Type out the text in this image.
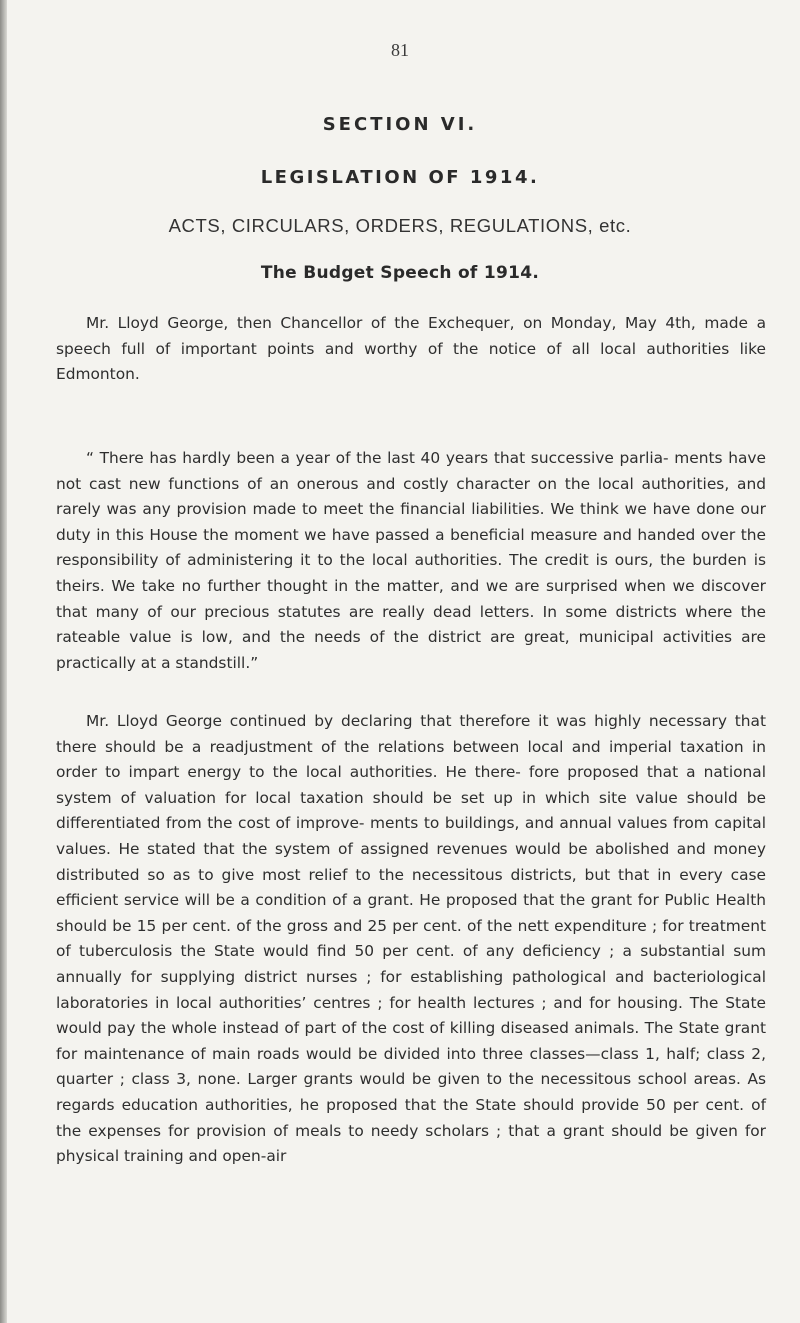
81
SECTION VI.
LEGISLATION OF 1914.
ACTS, CIRCULARS, ORDERS, REGULATIONS, etc.
The Budget Speech of 1914.

Mr. Lloyd George, then Chancellor of the Exchequer, on Monday, May 4th, made a speech full of important points and worthy of the notice of all local authorities like Edmonton.

“ There has hardly been a year of the last 40 years that successive parlia- ments have not cast new functions of an onerous and costly character on the local authorities, and rarely was any provision made to meet the financial liabilities. We think we have done our duty in this House the moment we have passed a beneficial measure and handed over the responsibility of administering it to the local authorities. The credit is ours, the burden is theirs. We take no further thought in the matter, and we are surprised when we discover that many of our precious statutes are really dead letters. In some districts where the rateable value is low, and the needs of the district are great, municipal activities are practically at a standstill.”

Mr. Lloyd George continued by declaring that therefore it was highly necessary that there should be a readjustment of the relations between local and imperial taxation in order to impart energy to the local authorities. He there- fore proposed that a national system of valuation for local taxation should be set up in which site value should be differentiated from the cost of improve- ments to buildings, and annual values from capital values. He stated that the system of assigned revenues would be abolished and money distributed so as to give most relief to the necessitous districts, but that in every case efficient service will be a condition of a grant. He proposed that the grant for Public Health should be 15 per cent. of the gross and 25 per cent. of the nett expenditure ; for treatment of tuberculosis the State would find 50 per cent. of any deficiency ; a substantial sum annually for supplying district nurses ; for establishing pathological and bacteriological laboratories in local authorities’ centres ; for health lectures ; and for housing. The State would pay the whole instead of part of the cost of killing diseased animals. The State grant for maintenance of main roads would be divided into three classes—class 1, half; class 2, quarter ; class 3, none. Larger grants would be given to the necessitous school areas. As regards education authorities, he proposed that the State should provide 50 per cent. of the expenses for provision of meals to needy scholars ; that a grant should be given for physical training and open-air
